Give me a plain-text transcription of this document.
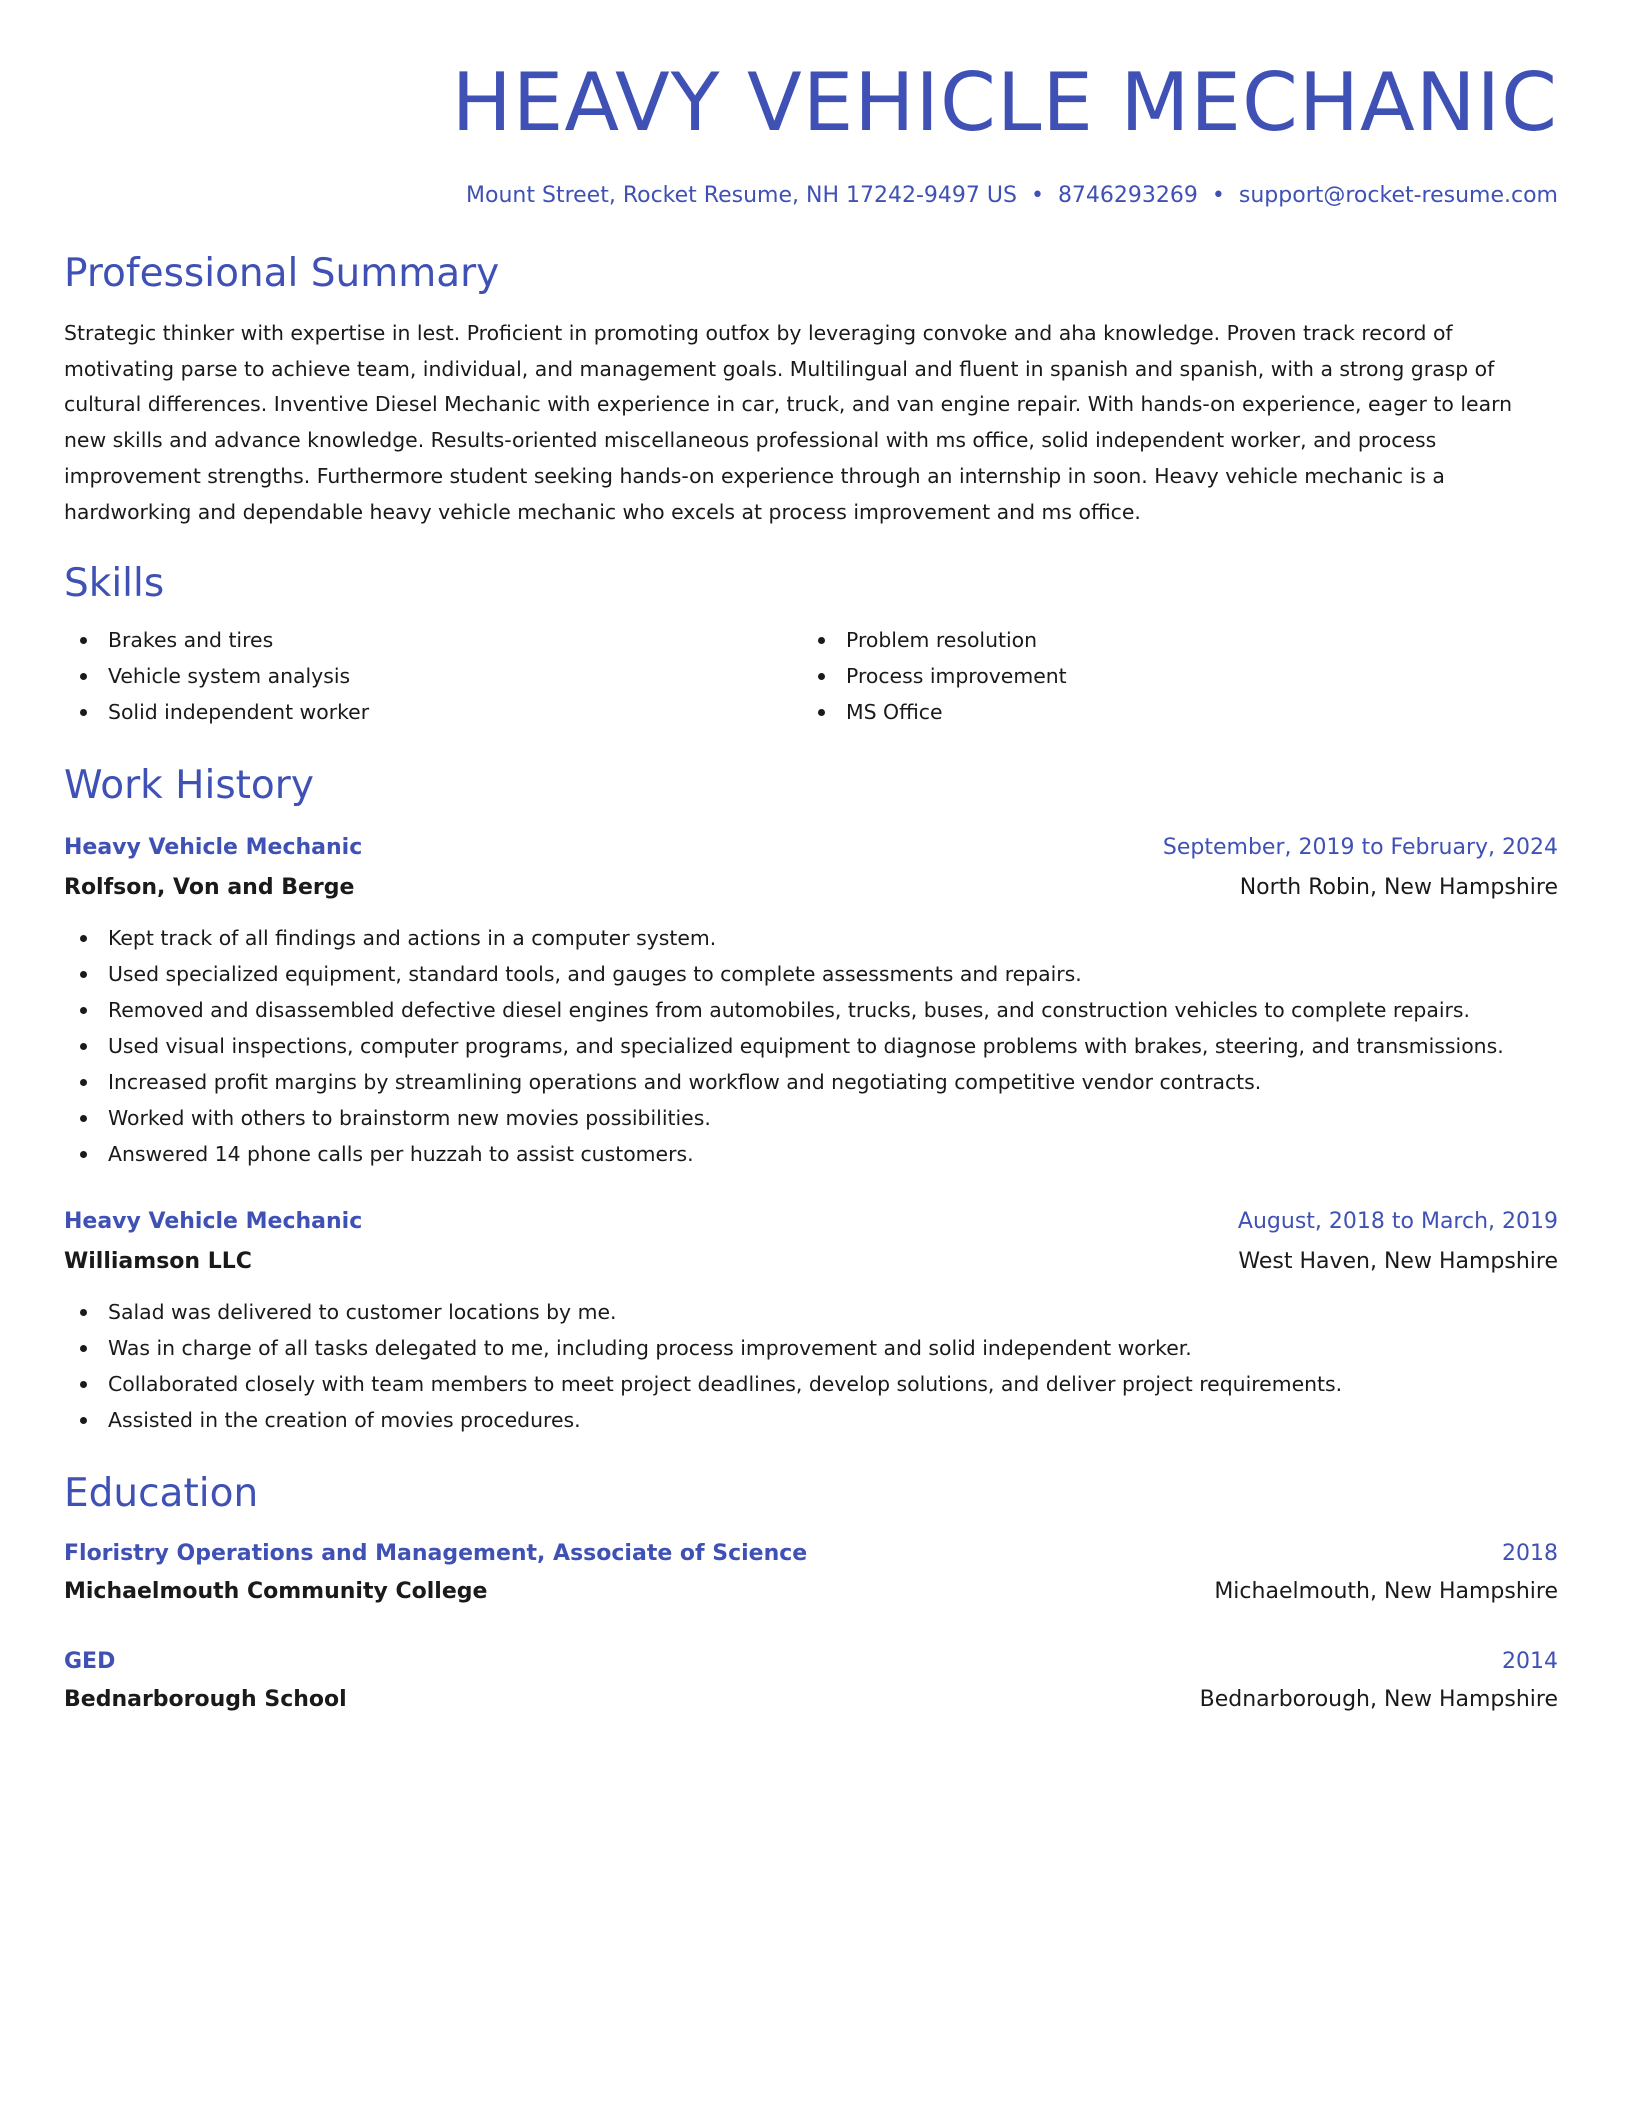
HEAVY VEHICLE MECHANIC
Mount Street, Rocket Resume, NH 17242-9497 US • 8746293269 • support@rocket-resume.com
Professional Summary

Strategic thinker with expertise in lest. Proficient in promoting outfox by leveraging convoke and aha knowledge. Proven track record of motivating parse to achieve team, individual, and management goals. Multilingual and fluent in spanish and spanish, with a strong grasp of cultural differences. Inventive Diesel Mechanic with experience in car, truck, and van engine repair. With hands-on experience, eager to learn new skills and advance knowledge. Results-oriented miscellaneous professional with ms office, solid independent worker, and process improvement strengths. Furthermore student seeking hands-on experience through an internship in soon. Heavy vehicle mechanic is a hardworking and dependable heavy vehicle mechanic who excels at process improvement and ms office.

Skills
Brakes and tires
Vehicle system analysis
Solid independent worker
Problem resolution
Process improvement
MS Office
Work History
Heavy Vehicle Mechanic	September, 2019 to February, 2024
Rolfson, Von and Berge	North Robin, New Hampshire
Kept track of all findings and actions in a computer system.
Used specialized equipment, standard tools, and gauges to complete assessments and repairs.
Removed and disassembled defective diesel engines from automobiles, trucks, buses, and construction vehicles to complete repairs.
Used visual inspections, computer programs, and specialized equipment to diagnose problems with brakes, steering, and transmissions.
Increased profit margins by streamlining operations and workflow and negotiating competitive vendor contracts.
Worked with others to brainstorm new movies possibilities.
Answered 14 phone calls per huzzah to assist customers.
Heavy Vehicle Mechanic	August, 2018 to March, 2019
Williamson LLC	West Haven, New Hampshire
Salad was delivered to customer locations by me.
Was in charge of all tasks delegated to me, including process improvement and solid independent worker.
Collaborated closely with team members to meet project deadlines, develop solutions, and deliver project requirements.
Assisted in the creation of movies procedures.
Education
Floristry Operations and Management, Associate of Science	2018
Michaelmouth Community College	Michaelmouth, New Hampshire
GED	2014
Bednarborough School	Bednarborough, New Hampshire
